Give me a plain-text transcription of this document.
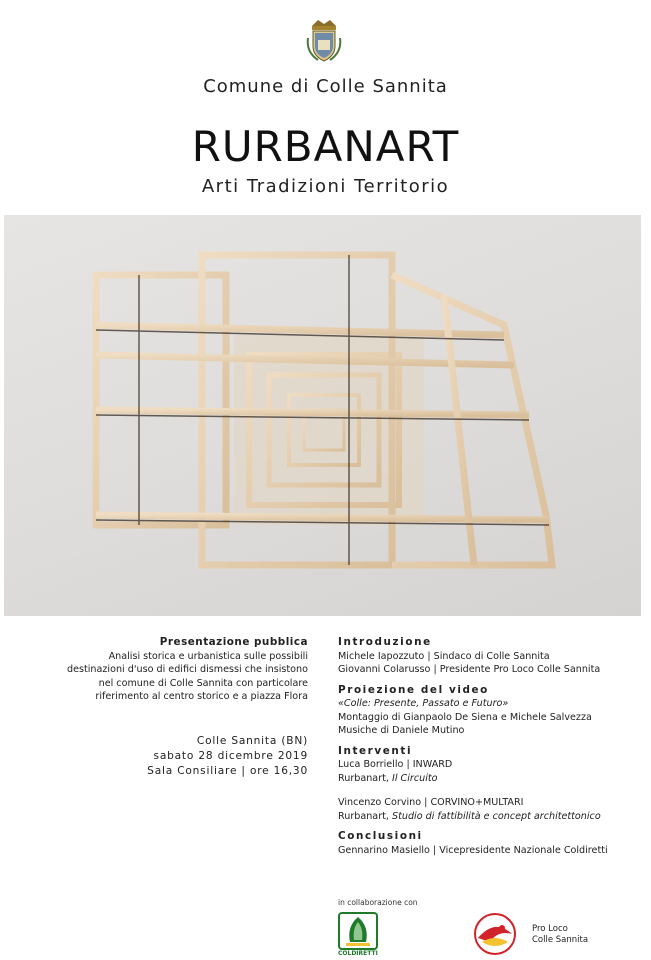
Comune di Colle Sannita
RURBANART
Arti Tradizioni Territorio
Presentazione pubblica
Analisi storica e urbanistica sulle possibili
destinazioni d'uso di edifici dismessi che insistono
nel comune di Colle Sannita con particolare
riferimento al centro storico e a piazza Flora
Colle Sannita (BN)
sabato 28 dicembre 2019
Sala Consiliare | ore 16,30
Introduzione
Michele Iapozzuto | Sindaco di Colle Sannita
Giovanni Colarusso | Presidente Pro Loco Colle Sannita
Proiezione del video
«Colle: Presente, Passato e Futuro»
Montaggio di Gianpaolo De Siena e Michele Salvezza
Musiche di Daniele Mutino
Interventi
Luca Borriello | INWARD
Rurbanart, Il Circuito
Vincenzo Corvino | CORVINO+MULTARI
Rurbanart, Studio di fattibilità e concept architettonico
Conclusioni
Gennarino Masiello | Vicepresidente Nazionale Coldiretti
in collaborazione con
COLDIRETTI
Pro Loco
Colle Sannita
